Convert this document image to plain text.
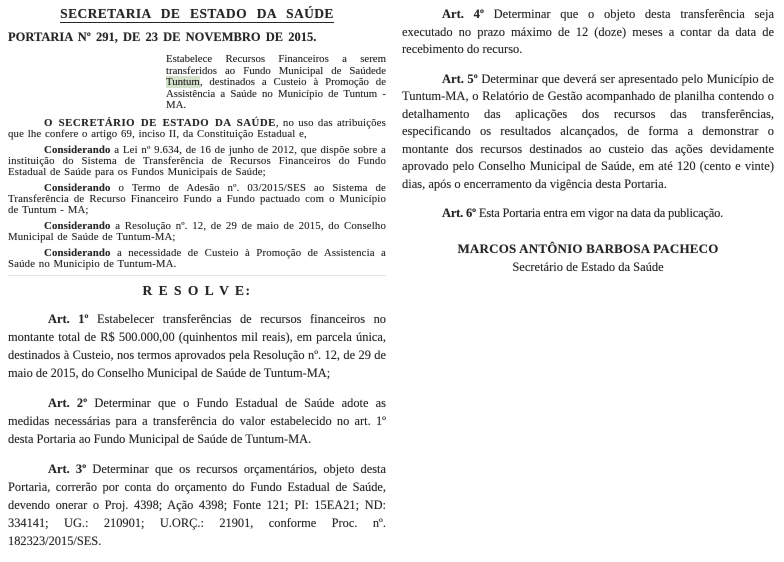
SECRETARIA DE ESTADO DA SAÚDE

PORTARIA Nº 291, DE 23 DE NOVEMBRO DE 2015.

Estabelece Recursos Financeiros a serem transferidos ao Fundo Municipal de Saúdede Tuntum, destinados a Custeio à Promoção de Assistência a Saúde no Município de Tuntum - MA.

O SECRETÁRIO DE ESTADO DA SAÚDE, no uso das atribuições que lhe confere o artigo 69, inciso II, da Constituição Estadual e,

Considerando a Lei nº 9.634, de 16 de junho de 2012, que dispõe sobre a instituição do Sistema de Transferência de Recursos Financeiros do Fundo Estadual de Saúde para os Fundos Municipais de Saúde;

Considerando o Termo de Adesão nº. 03/2015/SES ao Sistema de Transferência de Recurso Financeiro Fundo a Fundo pactuado com o Município de Tuntum - MA;

Considerando a Resolução nº. 12, de 29 de maio de 2015, do Conselho Municipal de Saúde de Tuntum-MA;

Considerando a necessidade de Custeio à Promoção de Assistencia a Saúde no Municipio de Tuntum-MA.

R E S O L V E:

Art. 1º Estabelecer transferências de recursos financeiros no montante total de R$ 500.000,00 (quinhentos mil reais), em parcela única, destinados à Custeio, nos termos aprovados pela Resolução nº. 12, de 29 de maio de 2015, do Conselho Municipal de Saúde de Tuntum-MA;

Art. 2º Determinar que o Fundo Estadual de Saúde adote as medidas necessárias para a transferência do valor estabelecido no art. 1º desta Portaria ao Fundo Municipal de Saúde de Tuntum-MA.

Art. 3º Determinar que os recursos orçamentários, objeto desta Portaria, correrão por conta do orçamento do Fundo Estadual de Saúde, devendo onerar o Proj. 4398; Ação 4398; Fonte 121; PI: 15EA21; ND: 334141; UG.: 210901; U.ORÇ.: 21901, conforme Proc. nº. 182323/2015/SES.

Art. 4º Determinar que o objeto desta transferência seja executado no prazo máximo de 12 (doze) meses a contar da data de recebimento do recurso.

Art. 5º Determinar que deverá ser apresentado pelo Município de Tuntum-MA, o Relatório de Gestão acompanhado de planilha contendo o detalhamento das aplicações dos recursos das transferências, especificando os resultados alcançados, de forma a demonstrar o montante dos recursos destinados ao custeio das ações devidamente aprovado pelo Conselho Municipal de Saúde, em até 120 (cento e vinte) dias, após o encerramento da vigência desta Portaria.

Art. 6º Esta Portaria entra em vigor na data da publicação.

MARCOS ANTÔNIO BARBOSA PACHECO

Secretário de Estado da Saúde
